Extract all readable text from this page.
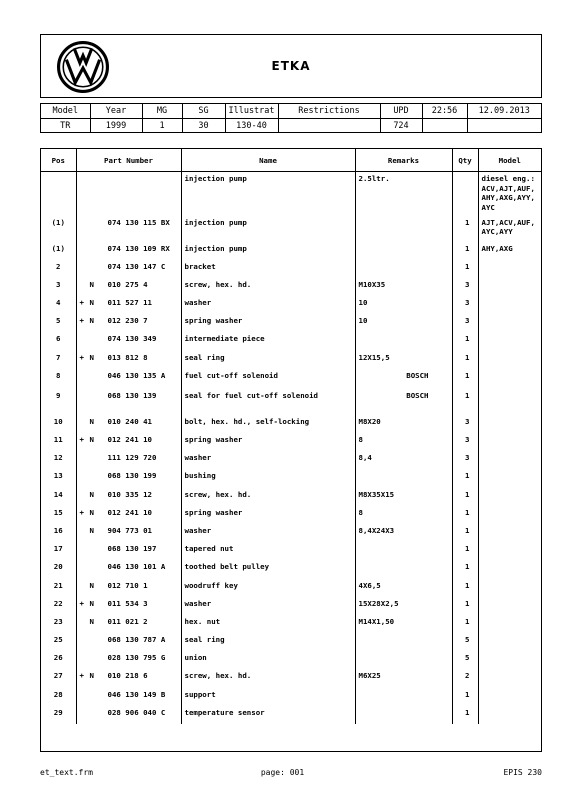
ETKA
Model	Year	MG	SG	Illustrat	Restrictions	UPD	22:56	12.09.2013
TR	1999	1	30	130-40		724		
Pos	Part Number	Name	Remarks	Qty	Model
		injection pump	2.5ltr.		diesel eng.: ACV,AJT,AUF, AHY,AXG,AYY, AYC
(1)	074 130 115 BX	injection pump		1	AJT,ACV,AUF, AYC,AYY
(1)	074 130 109 RX	injection pump		1	AHY,AXG
2	074 130 147 C	bracket		1	
3	N 010 275 4	screw, hex. hd.	M10X35	3	
4	+ N 011 527 11	washer	10	3	
5	+ N 012 230 7	spring washer	10	3	
6	074 130 349	intermediate piece		1	
7	+ N 013 812 8	seal ring	12X15,5	1	
8	046 130 135 A	fuel cut-off solenoid	BOSCH	1	
9	068 130 139	seal for fuel cut-off solenoid	BOSCH	1	
10	N 010 240 41	bolt, hex. hd., self-locking	M8X20	3	
11	+ N 012 241 10	spring washer	8	3	
12	111 129 720	washer	8,4	3	
13	068 130 199	bushing		1	
14	N 010 335 12	screw, hex. hd.	M8X35X15	1	
15	+ N 012 241 10	spring washer	8	1	
16	N 904 773 01	washer	8,4X24X3	1	
17	068 130 197	tapered nut		1	
20	046 130 101 A	toothed belt pulley		1	
21	N 012 710 1	woodruff key	4X6,5	1	
22	+ N 011 534 3	washer	15X28X2,5	1	
23	N 011 021 2	hex. nut	M14X1,50	1	
25	068 130 787 A	seal ring		5	
26	028 130 795 G	union		5	
27	+ N 010 218 6	screw, hex. hd.	M6X25	2	
28	046 130 149 B	support		1	
29	028 906 040 C	temperature sensor		1	
et_text.frm	page: 001	EPIS 230
